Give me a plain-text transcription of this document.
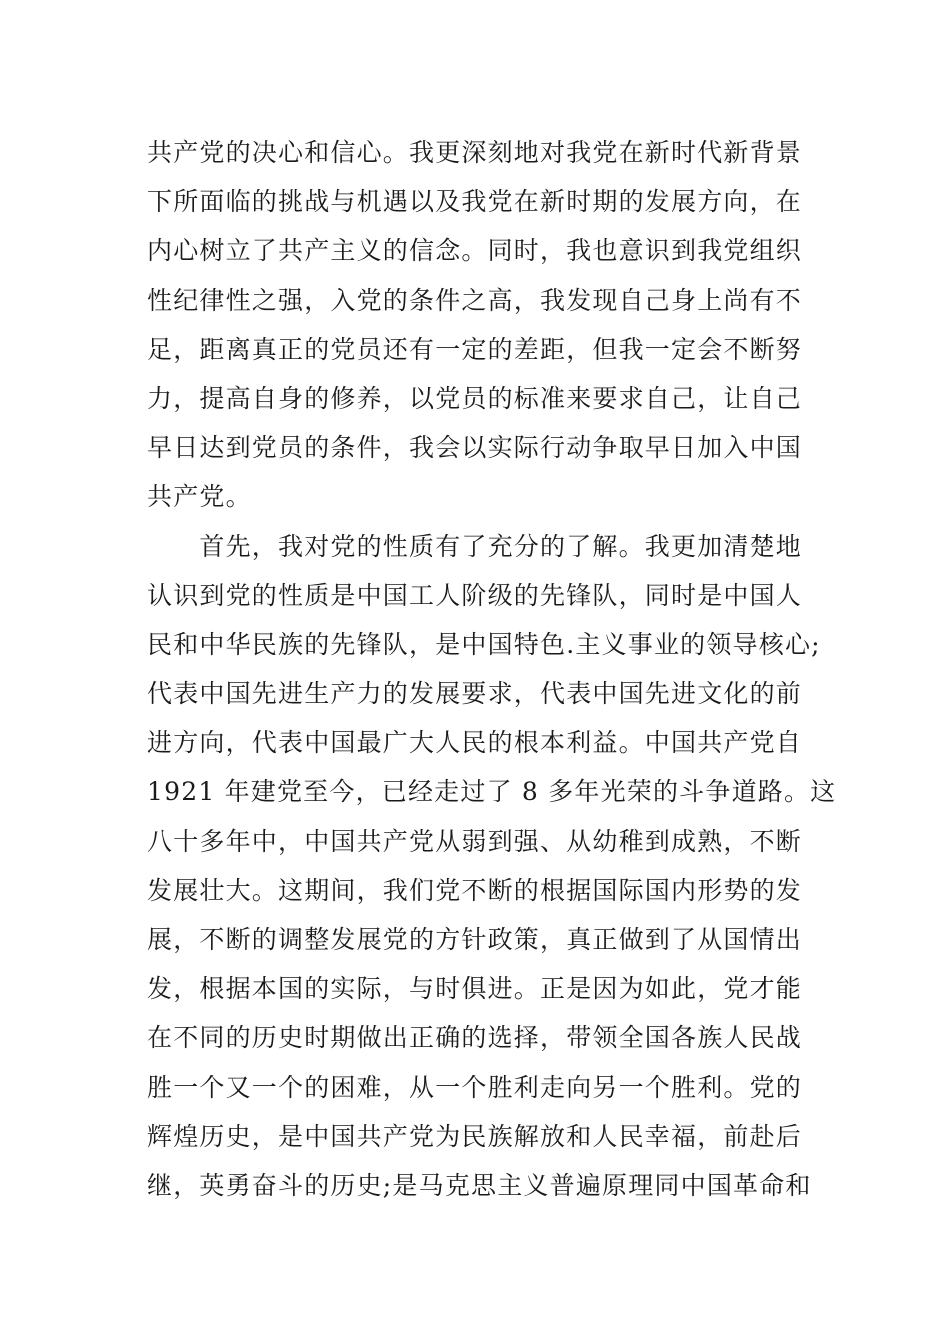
共产党的决心和信心。我更深刻地对我党在新时代新背景
下所面临的挑战与机遇以及我党在新时期的发展方向，在
内心树立了共产主义的信念。同时，我也意识到我党组织
性纪律性之强，入党的条件之高，我发现自己身上尚有不
足，距离真正的党员还有一定的差距，但我一定会不断努
力，提高自身的修养，以党员的标准来要求自己，让自己
早日达到党员的条件，我会以实际行动争取早日加入中国
共产党。
　　首先，我对党的性质有了充分的了解。我更加清楚地
认识到党的性质是中国工人阶级的先锋队，同时是中国人
民和中华民族的先锋队，是中国特色.主义事业的领导核心;
代表中国先进生产力的发展要求，代表中国先进文化的前
进方向，代表中国最广大人民的根本利益。中国共产党自
1921 年建党至今，已经走过了 8 多年光荣的斗争道路。这
八十多年中，中国共产党从弱到强、从幼稚到成熟，不断
发展壮大。这期间，我们党不断的根据国际国内形势的发
展，不断的调整发展党的方针政策，真正做到了从国情出
发，根据本国的实际，与时俱进。正是因为如此，党才能
在不同的历史时期做出正确的选择，带领全国各族人民战
胜一个又一个的困难，从一个胜利走向另一个胜利。党的
辉煌历史，是中国共产党为民族解放和人民幸福，前赴后
继，英勇奋斗的历史;是马克思主义普遍原理同中国革命和
